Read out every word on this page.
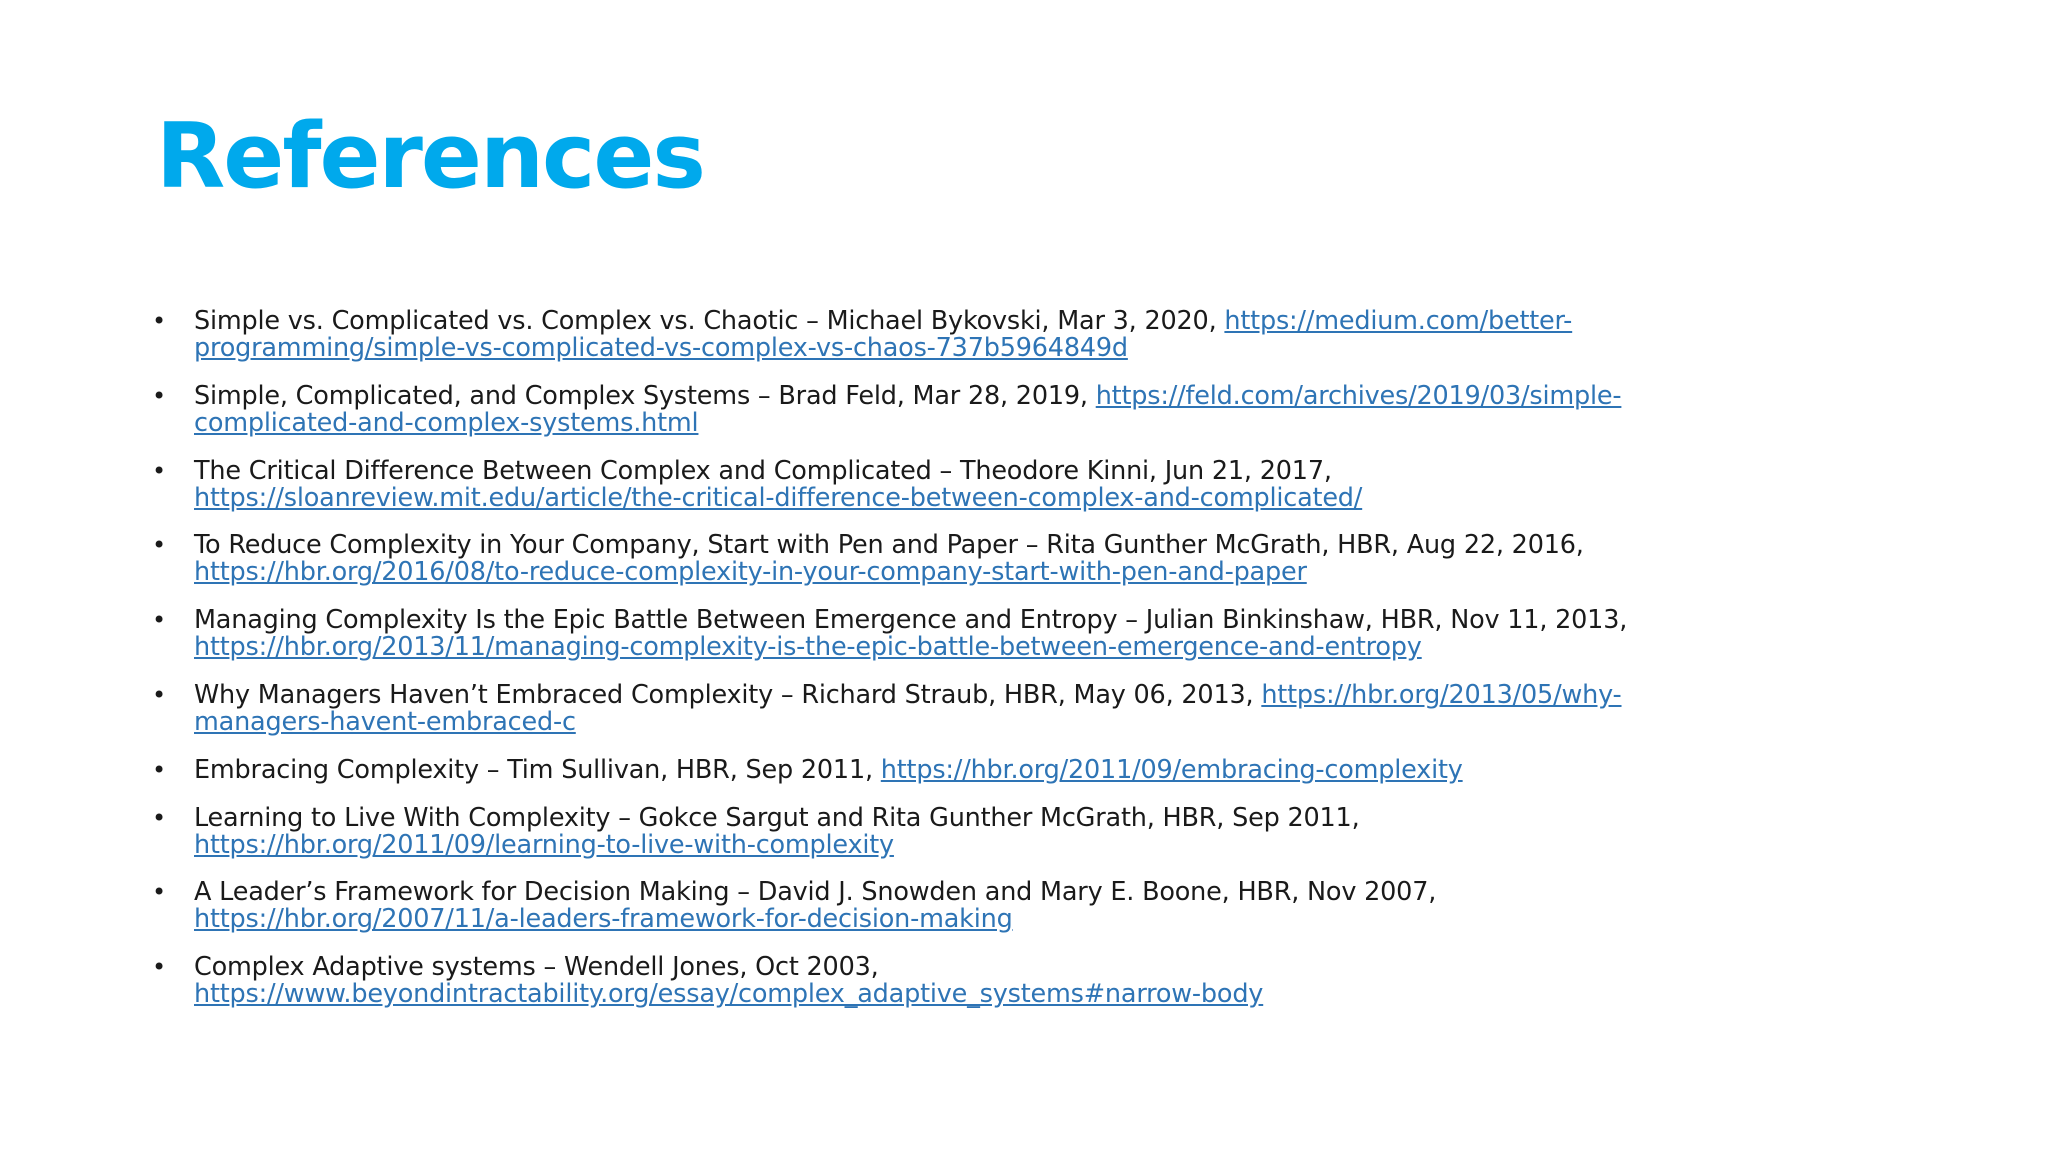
References
• Simple vs. Complicated vs. Complex vs. Chaotic – Michael Bykovski, Mar 3, 2020, https://medium.com/better-
programming/simple-vs-complicated-vs-complex-vs-chaos-737b5964849d
• Simple, Complicated, and Complex Systems – Brad Feld, Mar 28, 2019, https://feld.com/archives/2019/03/simple-
complicated-and-complex-systems.html
• The Critical Difference Between Complex and Complicated – Theodore Kinni, Jun 21, 2017,
https://sloanreview.mit.edu/article/the-critical-difference-between-complex-and-complicated/
• To Reduce Complexity in Your Company, Start with Pen and Paper – Rita Gunther McGrath, HBR, Aug 22, 2016,
https://hbr.org/2016/08/to-reduce-complexity-in-your-company-start-with-pen-and-paper
• Managing Complexity Is the Epic Battle Between Emergence and Entropy – Julian Binkinshaw, HBR, Nov 11, 2013,
https://hbr.org/2013/11/managing-complexity-is-the-epic-battle-between-emergence-and-entropy
• Why Managers Haven’t Embraced Complexity – Richard Straub, HBR, May 06, 2013, https://hbr.org/2013/05/why-
managers-havent-embraced-c
• Embracing Complexity – Tim Sullivan, HBR, Sep 2011, https://hbr.org/2011/09/embracing-complexity
• Learning to Live With Complexity – Gokce Sargut and Rita Gunther McGrath, HBR, Sep 2011,
https://hbr.org/2011/09/learning-to-live-with-complexity
• A Leader’s Framework for Decision Making – David J. Snowden and Mary E. Boone, HBR, Nov 2007,
https://hbr.org/2007/11/a-leaders-framework-for-decision-making
• Complex Adaptive systems – Wendell Jones, Oct 2003,
https://www.beyondintractability.org/essay/complex_adaptive_systems#narrow-body
